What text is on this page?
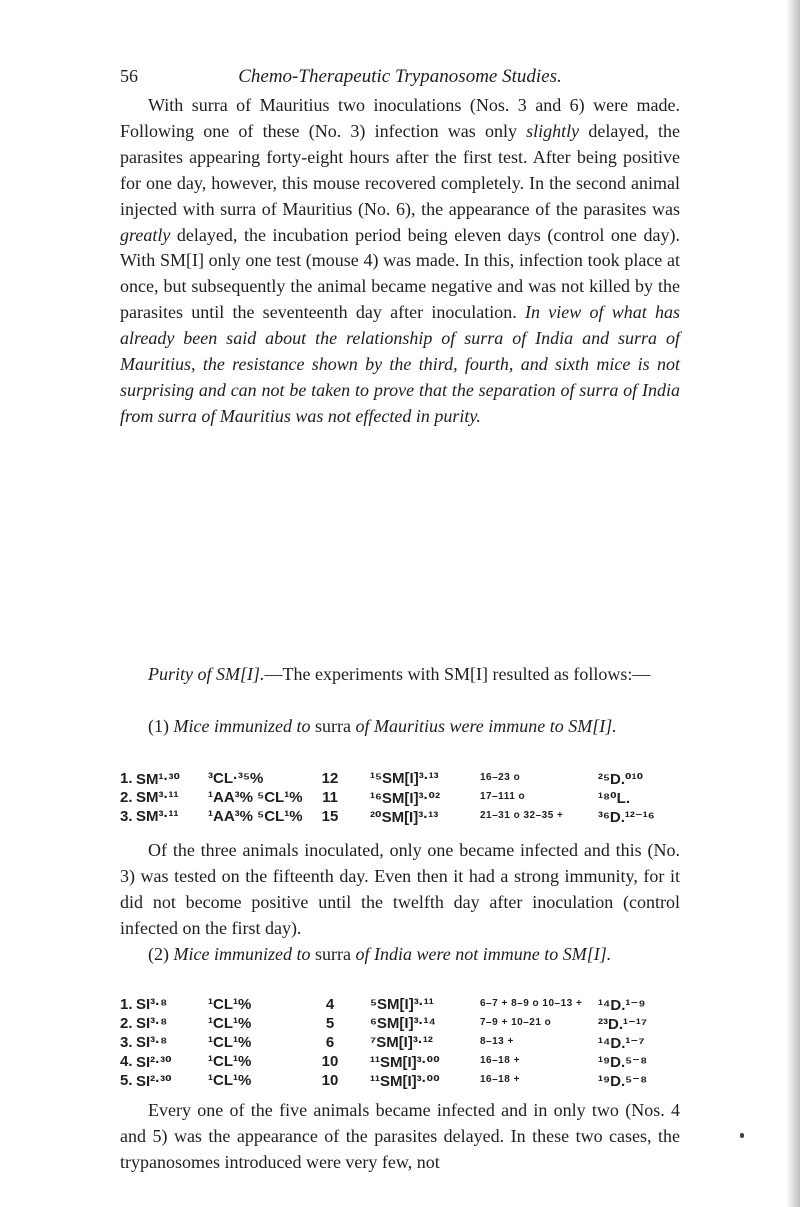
56	Chemo-Therapeutic Trypanosome Studies.

With surra of Mauritius two inoculations (Nos. 3 and 6) were made. Following one of these (No. 3) infection was only slightly delayed, the parasites appearing forty-eight hours after the first test. After being positive for one day, however, this mouse recovered completely. In the second animal injected with surra of Mauritius (No. 6), the appearance of the parasites was greatly delayed, the incubation period being eleven days (control one day). With SM[I] only one test (mouse 4) was made. In this, infection took place at once, but subsequently the animal became negative and was not killed by the parasites until the seventeenth day after inoculation. In view of what has already been said about the relationship of surra of India and surra of Mauritius, the resistance shown by the third, fourth, and sixth mice is not surprising and can not be taken to prove that the separation of surra of India from surra of Mauritius was not effected in purity.

Purity of SM[I].—The experiments with SM[I] resulted as follows:—

(1) Mice immunized to surra of Mauritius were immune to SM[I].

1. SM¹·³⁰ ³CL·³⁵%	12	¹⁵SM[I]³·¹³	16–23 o	²⁵D.⁰¹⁰
2. SM³·¹¹ ¹AA³% ⁵CL¹%	11	¹⁶SM[I]³·⁰²	17–111 o	¹⁸⁰L.
3. SM³·¹¹ ¹AA³% ⁵CL¹%	15	²⁰SM[I]³·¹³	21–31 o 32–35 + ³⁶D.¹²⁻¹⁶

Of the three animals inoculated, only one became infected and this (No. 3) was tested on the fifteenth day. Even then it had a strong immunity, for it did not become positive until the twelfth day after inoculation (control infected on the first day).

(2) Mice immunized to surra of India were not immune to SM[I].

1. SI³·⁸	¹CL¹%	4	⁵SM[I]³·¹¹	6–7 + 8–9 o 10–13 + ¹⁴D.¹⁻⁹
2. SI³·⁸	¹CL¹%	5	⁶SM[I]³·¹⁴	7–9 + 10–21 o	²³D.¹⁻¹⁷
3. SI³·⁸	¹CL¹%	6	⁷SM[I]³·¹²	8–13 +	¹⁴D.¹⁻⁷
4. SI²·³⁰ ¹CL¹%	10	¹¹SM[I]³·⁰⁰	16–18 +	¹⁹D.⁵⁻⁸
5. SI²·³⁰ ¹CL¹%	10	¹¹SM[I]³·⁰⁰	16–18 +	¹⁹D.⁵⁻⁸

Every one of the five animals became infected and in only two (Nos. 4 and 5) was the appearance of the parasites delayed. In these two cases, the trypanosomes introduced were very few, not
